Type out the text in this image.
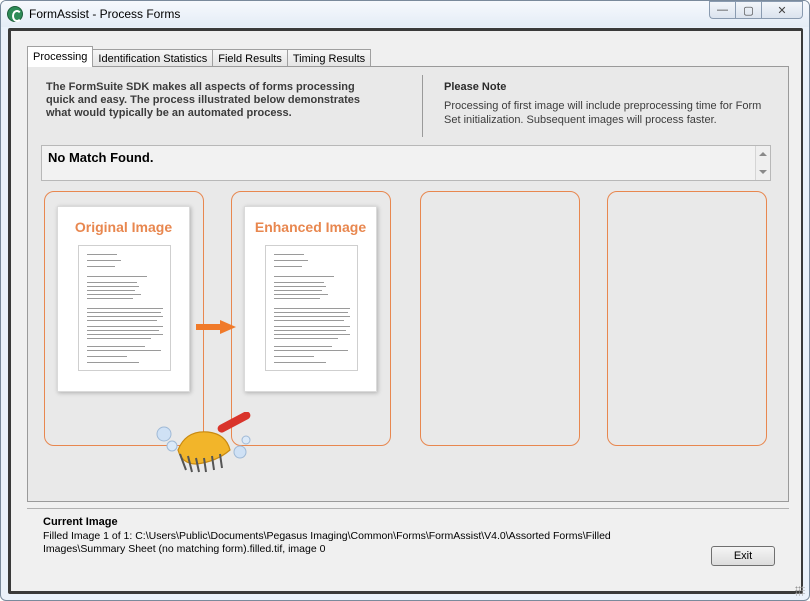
FormAssist - Process Forms	—	▢	✕
Processing	Identification Statistics	Field Results	Timing Results
The FormSuite SDK makes all aspects of forms processing quick and easy. The process illustrated below demonstrates what would typically be an automated process.
Please Note
Processing of first image will include preprocessing time for Form Set initialization. Subsequent images will process faster.
No Match Found.
Original Image	Enhanced Image
Current Image
Filled Image 1 of 1: C:\Users\Public\Documents\Pegasus Imaging\Common\Forms\FormAssist\V4.0\Assorted Forms\Filled Images\Summary Sheet (no matching form).filled.tif, image 0
Exit
